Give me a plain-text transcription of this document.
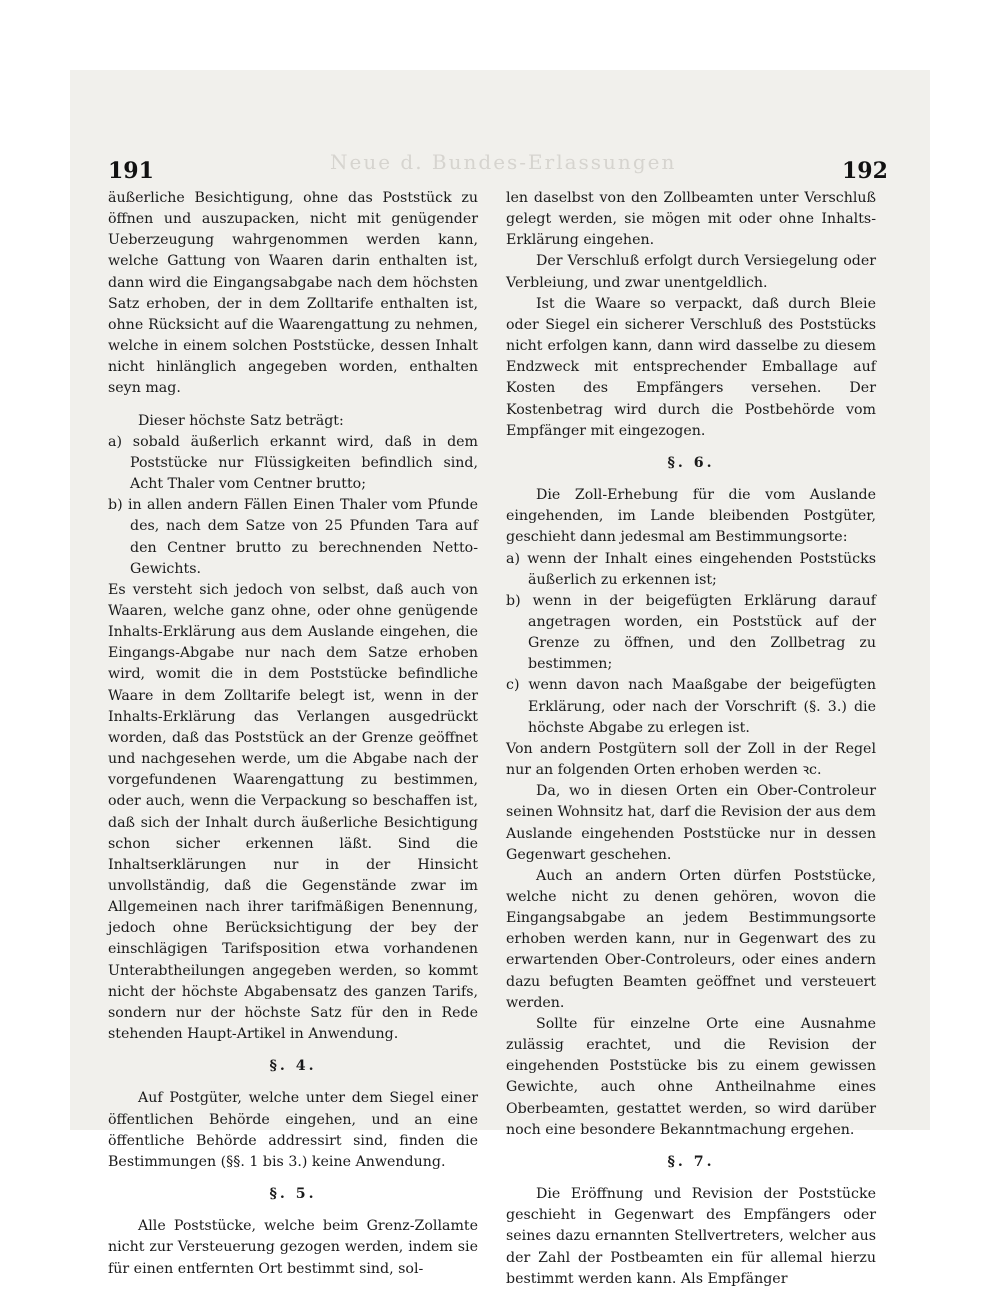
Neue d. Bundes-Erlassungen
191	192

äußerliche Besichtigung, ohne das Poststück zu öffnen und auszupacken, nicht mit genügender Ueberzeugung wahrgenommen werden kann, welche Gattung von Waaren darin enthalten ist, dann wird die Eingangsabgabe nach dem höchsten Satz erhoben, der in dem Zolltarife enthalten ist, ohne Rücksicht auf die Waarengattung zu nehmen, welche in einem solchen Poststücke, dessen Inhalt nicht hinlänglich angegeben worden, enthalten seyn mag.

Dieser höchste Satz beträgt:

a) sobald äußerlich erkannt wird, daß in dem Poststücke nur Flüssigkeiten befindlich sind, Acht Thaler vom Centner brutto;

b) in allen andern Fällen Einen Thaler vom Pfunde des, nach dem Satze von 25 Pfunden Tara auf den Centner brutto zu berechnenden Netto-Gewichts.

Es versteht sich jedoch von selbst, daß auch von Waaren, welche ganz ohne, oder ohne genügende Inhalts-Erklärung aus dem Auslande eingehen, die Eingangs-Abgabe nur nach dem Satze erhoben wird, womit die in dem Poststücke befindliche Waare in dem Zolltarife belegt ist, wenn in der Inhalts-Erklärung das Verlangen ausgedrückt worden, daß das Poststück an der Grenze geöffnet und nachgesehen werde, um die Abgabe nach der vorgefundenen Waarengattung zu bestimmen, oder auch, wenn die Verpackung so beschaffen ist, daß sich der Inhalt durch äußerliche Besichtigung schon sicher erkennen läßt. Sind die Inhaltserklärungen nur in der Hinsicht unvollständig, daß die Gegenstände zwar im Allgemeinen nach ihrer tarifmäßigen Benennung, jedoch ohne Berücksichtigung der bey der einschlägigen Tarifsposition etwa vorhandenen Unterabtheilungen angegeben werden, so kommt nicht der höchste Abgabensatz des ganzen Tarifs, sondern nur der höchste Satz für den in Rede stehenden Haupt-Artikel in Anwendung.

§. 4.

Auf Postgüter, welche unter dem Siegel einer öffentlichen Behörde eingehen, und an eine öffentliche Behörde addressirt sind, finden die Bestimmungen (§§. 1 bis 3.) keine Anwendung.

§. 5.

Alle Poststücke, welche beim Grenz-Zollamte nicht zur Versteuerung gezogen werden, indem sie für einen entfernten Ort bestimmt sind, sol-

len daselbst von den Zollbeamten unter Verschluß gelegt werden, sie mögen mit oder ohne Inhalts-Erklärung eingehen.

Der Verschluß erfolgt durch Versiegelung oder Verbleiung, und zwar unentgeldlich.

Ist die Waare so verpackt, daß durch Bleie oder Siegel ein sicherer Verschluß des Poststücks nicht erfolgen kann, dann wird dasselbe zu diesem Endzweck mit entsprechender Emballage auf Kosten des Empfängers versehen. Der Kostenbetrag wird durch die Postbehörde vom Empfänger mit eingezogen.

§. 6.

Die Zoll-Erhebung für die vom Auslande eingehenden, im Lande bleibenden Postgüter, geschieht dann jedesmal am Bestimmungsorte:

a) wenn der Inhalt eines eingehenden Poststücks äußerlich zu erkennen ist;

b) wenn in der beigefügten Erklärung darauf angetragen worden, ein Poststück auf der Grenze zu öffnen, und den Zollbetrag zu bestimmen;

c) wenn davon nach Maaßgabe der beigefügten Erklärung, oder nach der Vorschrift (§. 3.) die höchste Abgabe zu erlegen ist.

Von andern Postgütern soll der Zoll in der Regel nur an folgenden Orten erhoben werden ꝛc.

Da, wo in diesen Orten ein Ober-Controleur seinen Wohnsitz hat, darf die Revision der aus dem Auslande eingehenden Poststücke nur in dessen Gegenwart geschehen.

Auch an andern Orten dürfen Poststücke, welche nicht zu denen gehören, wovon die Eingangsabgabe an jedem Bestimmungsorte erhoben werden kann, nur in Gegenwart des zu erwartenden Ober-Controleurs, oder eines andern dazu befugten Beamten geöffnet und versteuert werden.

Sollte für einzelne Orte eine Ausnahme zulässig erachtet, und die Revision der eingehenden Poststücke bis zu einem gewissen Gewichte, auch ohne Antheilnahme eines Oberbeamten, gestattet werden, so wird darüber noch eine besondere Bekanntmachung ergehen.

§. 7.

Die Eröffnung und Revision der Poststücke geschieht in Gegenwart des Empfängers oder seines dazu ernannten Stellvertreters, welcher aus der Zahl der Postbeamten ein für allemal hierzu bestimmt werden kann. Als Empfänger
